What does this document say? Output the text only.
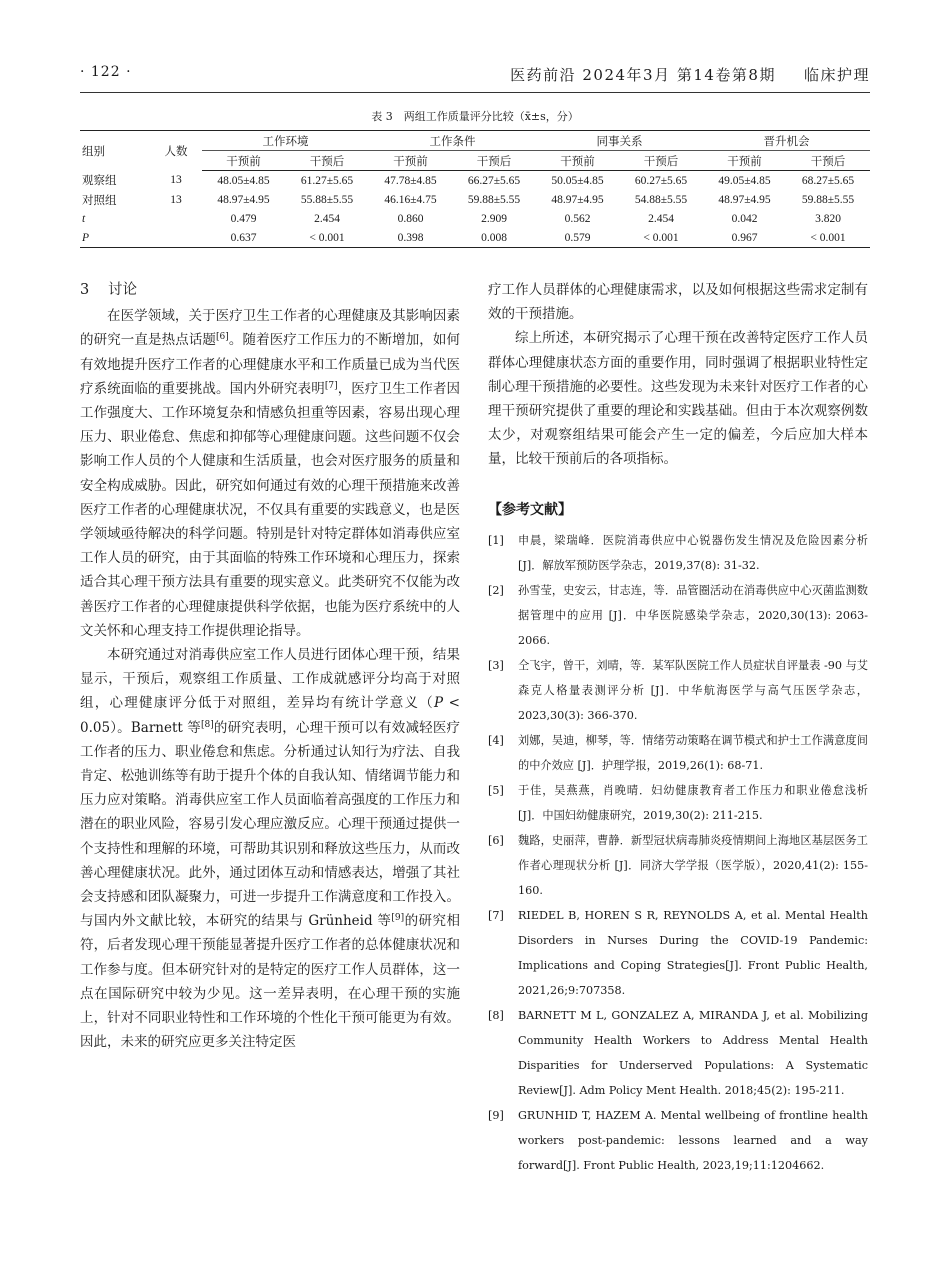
· 122 ·	医药前沿 2024年3月 第14卷第8期 临床护理
表 3　两组工作质量评分比较（x̄±s，分）
组别	人数	工作环境		工作条件		同事关系		晋升机会	
		干预前	干预后	干预前	干预后	干预前	干预后	干预前	干预后
观察组	13	48.05±4.85	61.27±5.65	47.78±4.85	66.27±5.65	50.05±4.85	60.27±5.65	49.05±4.85	68.27±5.65
对照组	13	48.97±4.95	55.88±5.55	46.16±4.75	59.88±5.55	48.97±4.95	54.88±5.55	48.97±4.95	59.88±5.55
t		0.479	2.454	0.860	2.909	0.562	2.454	0.042	3.820
P		0.637	< 0.001	0.398	0.008	0.579	< 0.001	0.967	< 0.001
3 讨论

在医学领域，关于医疗卫生工作者的心理健康及其影响因素的研究一直是热点话题[6]。随着医疗工作压力的不断增加，如何有效地提升医疗工作者的心理健康水平和工作质量已成为当代医疗系统面临的重要挑战。国内外研究表明[7]，医疗卫生工作者因工作强度大、工作环境复杂和情感负担重等因素，容易出现心理压力、职业倦怠、焦虑和抑郁等心理健康问题。这些问题不仅会影响工作人员的个人健康和生活质量，也会对医疗服务的质量和安全构成威胁。因此，研究如何通过有效的心理干预措施来改善医疗工作者的心理健康状况，不仅具有重要的实践意义，也是医学领域亟待解决的科学问题。特别是针对特定群体如消毒供应室工作人员的研究，由于其面临的特殊工作环境和心理压力，探索适合其心理干预方法具有重要的现实意义。此类研究不仅能为改善医疗工作者的心理健康提供科学依据，也能为医疗系统中的人文关怀和心理支持工作提供理论指导。

本研究通过对消毒供应室工作人员进行团体心理干预，结果显示，干预后，观察组工作质量、工作成就感评分均高于对照组，心理健康评分低于对照组，差异均有统计学意义（P < 0.05）。Barnett 等[8]的研究表明，心理干预可以有效减轻医疗工作者的压力、职业倦怠和焦虑。分析通过认知行为疗法、自我肯定、松弛训练等有助于提升个体的自我认知、情绪调节能力和压力应对策略。消毒供应室工作人员面临着高强度的工作压力和潜在的职业风险，容易引发心理应激反应。心理干预通过提供一个支持性和理解的环境，可帮助其识别和释放这些压力，从而改善心理健康状况。此外，通过团体互动和情感表达，增强了其社会支持感和团队凝聚力，可进一步提升工作满意度和工作投入。与国内外文献比较，本研究的结果与 Grünheid 等[9]的研究相符，后者发现心理干预能显著提升医疗工作者的总体健康状况和工作参与度。但本研究针对的是特定的医疗工作人员群体，这一点在国际研究中较为少见。这一差异表明，在心理干预的实施上，针对不同职业特性和工作环境的个性化干预可能更为有效。因此，未来的研究应更多关注特定医

疗工作人员群体的心理健康需求，以及如何根据这些需求定制有效的干预措施。

综上所述，本研究揭示了心理干预在改善特定医疗工作人员群体心理健康状态方面的重要作用，同时强调了根据职业特性定制心理干预措施的必要性。这些发现为未来针对医疗工作者的心理干预研究提供了重要的理论和实践基础。但由于本次观察例数太少，对观察组结果可能会产生一定的偏差，今后应加大样本量，比较干预前后的各项指标。

【参考文献】
[1] 申晨，梁瑞峰．医院消毒供应中心锐器伤发生情况及危险因素分析 [J]．解放军预防医学杂志，2019,37(8): 31-32.
[2] 孙雪莹，史安云，甘志连，等．品管圈活动在消毒供应中心灭菌监测数据管理中的应用 [J]．中华医院感染学杂志，2020,30(13): 2063-2066.
[3] 仝飞宇，曾干，刘晴，等．某军队医院工作人员症状自评量表 -90 与艾森克人格量表测评分析 [J]．中华航海医学与高气压医学杂志，2023,30(3): 366-370.
[4] 刘娜，吴迪，柳琴，等．情绪劳动策略在调节模式和护士工作满意度间的中介效应 [J]．护理学报，2019,26(1): 68-71.
[5] 于佳，吴燕燕，肖晚晴．妇幼健康教育者工作压力和职业倦怠浅析 [J]．中国妇幼健康研究，2019,30(2): 211-215.
[6] 魏路，史丽萍，曹静．新型冠状病毒肺炎疫情期间上海地区基层医务工作者心理现状分析 [J]．同济大学学报（医学版），2020,41(2): 155-160.
[7] RIEDEL B, HOREN S R, REYNOLDS A, et al. Mental Health Disorders in Nurses During the COVID-19 Pandemic: Implications and Coping Strategies[J]. Front Public Health, 2021,26;9:707358.
[8] BARNETT M L, GONZALEZ A, MIRANDA J, et al. Mobilizing Community Health Workers to Address Mental Health Disparities for Underserved Populations: A Systematic Review[J]. Adm Policy Ment Health. 2018;45(2): 195-211.
[9] GRUNHID T, HAZEM A. Mental wellbeing of frontline health workers post-pandemic: lessons learned and a way forward[J]. Front Public Health, 2023,19;11:1204662.
